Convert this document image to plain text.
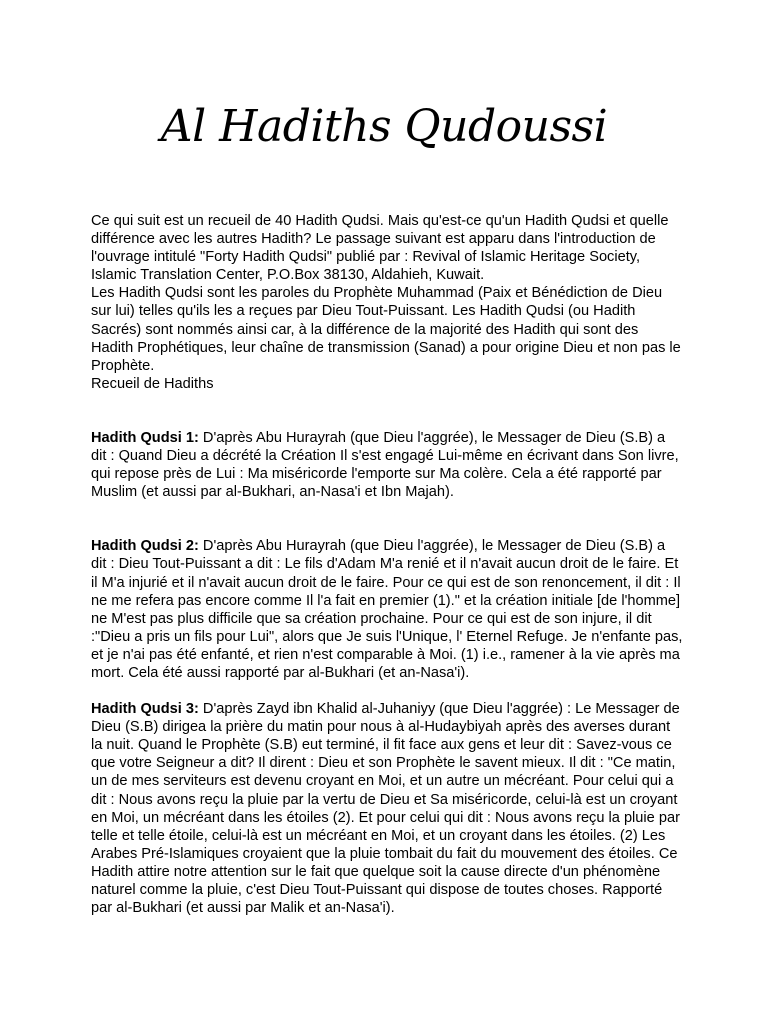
Al Hadiths Qudoussi

Ce qui suit est un recueil de 40 Hadith Qudsi. Mais qu'est-ce qu'un Hadith Qudsi et quelle différence avec les autres Hadith? Le passage suivant est apparu dans l'introduction de l'ouvrage intitulé "Forty Hadith Qudsi" publié par : Revival of Islamic Heritage Society, Islamic Translation Center, P.O.Box 38130, Aldahieh, Kuwait.

Les Hadith Qudsi sont les paroles du Prophète Muhammad (Paix et Bénédiction de Dieu sur lui) telles qu'ils les a reçues par Dieu Tout-Puissant. Les Hadith Qudsi (ou Hadith Sacrés) sont nommés ainsi car, à la différence de la majorité des Hadith qui sont des Hadith Prophétiques, leur chaîne de transmission (Sanad) a pour origine Dieu et non pas le Prophète.

Recueil de Hadiths

Hadith Qudsi 1: D'après Abu Hurayrah (que Dieu l'aggrée), le Messager de Dieu (S.B) a dit : Quand Dieu a décrété la Création Il s'est engagé Lui-même en écrivant dans Son livre, qui repose près de Lui : Ma miséricorde l'emporte sur Ma colère. Cela a été rapporté par Muslim (et aussi par al-Bukhari, an-Nasa'i et Ibn Majah).

Hadith Qudsi 2: D'après Abu Hurayrah (que Dieu l'aggrée), le Messager de Dieu (S.B) a dit : Dieu Tout-Puissant a dit : Le fils d'Adam M'a renié et il n'avait aucun droit de le faire. Et il M'a injurié et il n'avait aucun droit de le faire. Pour ce qui est de son renoncement, il dit : Il ne me refera pas encore comme Il l'a fait en premier (1)." et la création initiale [de l'homme] ne M'est pas plus difficile que sa création prochaine. Pour ce qui est de son injure, il dit :"Dieu a pris un fils pour Lui", alors que Je suis l'Unique, l' Eternel Refuge. Je n'enfante pas, et je n'ai pas été enfanté, et rien n'est comparable à Moi. (1) i.e., ramener à la vie après ma mort. Cela été aussi rapporté par al-Bukhari (et an-Nasa'i).

Hadith Qudsi 3: D'après Zayd ibn Khalid al-Juhaniyy (que Dieu l'aggrée) : Le Messager de Dieu (S.B) dirigea la prière du matin pour nous à al-Hudaybiyah après des averses durant la nuit. Quand le Prophète (S.B) eut terminé, il fit face aux gens et leur dit : Savez-vous ce que votre Seigneur a dit? Il dirent : Dieu et son Prophète le savent mieux. Il dit : "Ce matin, un de mes serviteurs est devenu croyant en Moi, et un autre un mécréant. Pour celui qui a dit : Nous avons reçu la pluie par la vertu de Dieu et Sa miséricorde, celui-là est un croyant en Moi, un mécréant dans les étoiles (2). Et pour celui qui dit : Nous avons reçu la pluie par telle et telle étoile, celui-là est un mécréant en Moi, et un croyant dans les étoiles. (2) Les Arabes Pré-Islamiques croyaient que la pluie tombait du fait du mouvement des étoiles. Ce Hadith attire notre attention sur le fait que quelque soit la cause directe d'un phénomène naturel comme la pluie, c'est Dieu Tout-Puissant qui dispose de toutes choses. Rapporté par al-Bukhari (et aussi par Malik et an-Nasa'i).
